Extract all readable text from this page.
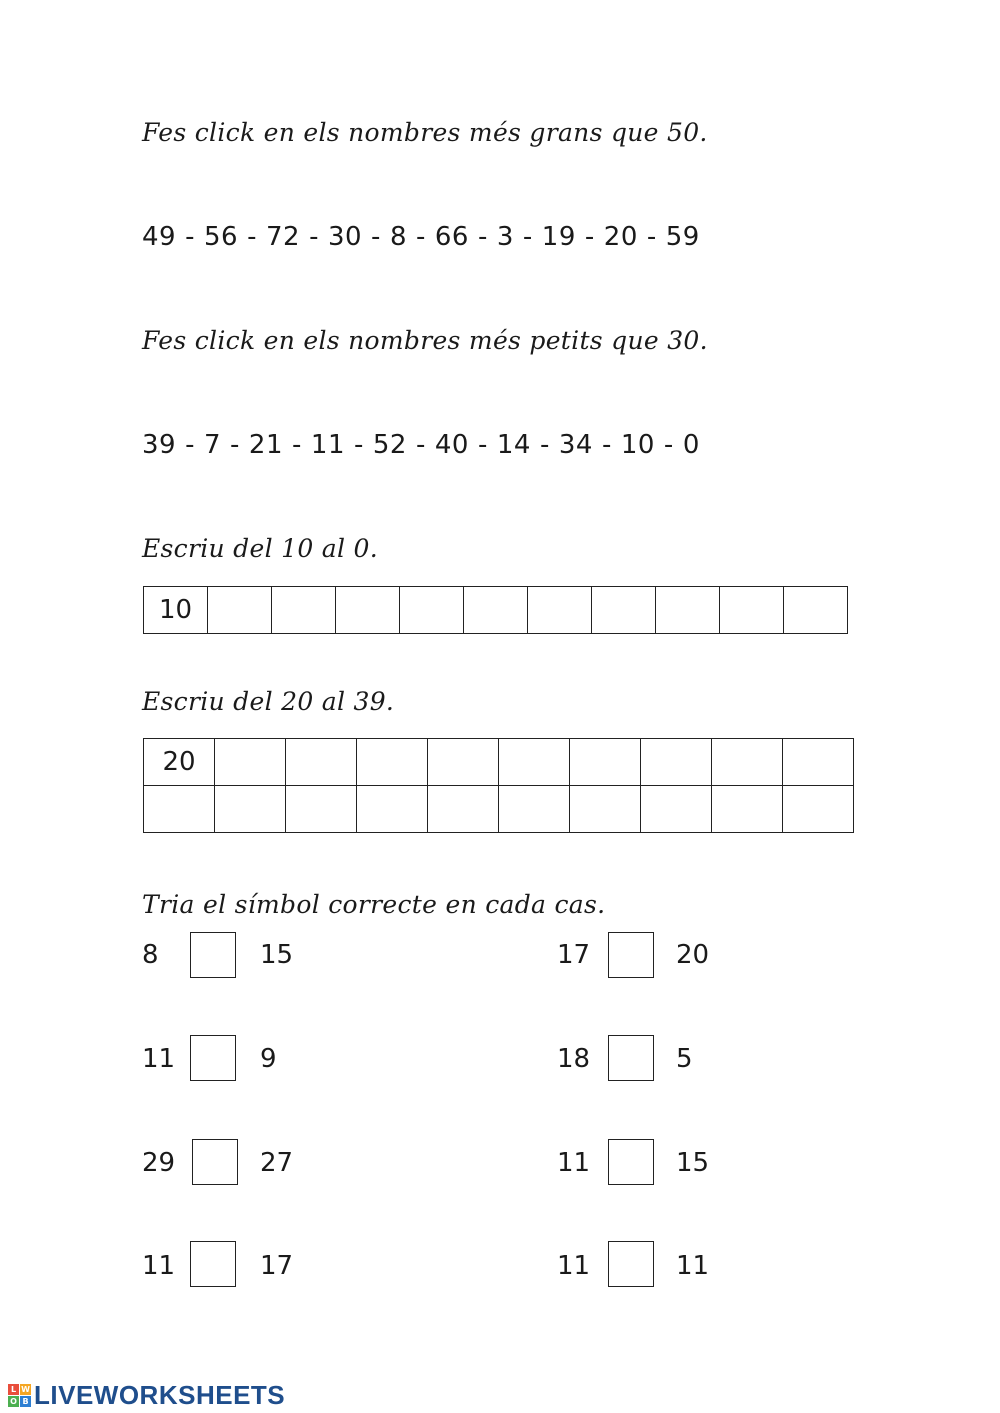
Fes click en els nombres més grans que 50.

49 - 56 - 72 - 30 - 8 - 66 - 3 - 19 - 20 - 59

Fes click en els nombres més petits que 30.

39 - 7 - 21 - 11 - 52 - 40 - 14 - 34 - 10 - 0

Escriu del 10 al 0.

10										

Escriu del 20 al 39.

20									

Tria el símbol correcte en cada cas.

8	15	17	20
11	9	18	5
29	27	11	15
11	17	11	11
L W
O B LIVEWORKSHEETS
